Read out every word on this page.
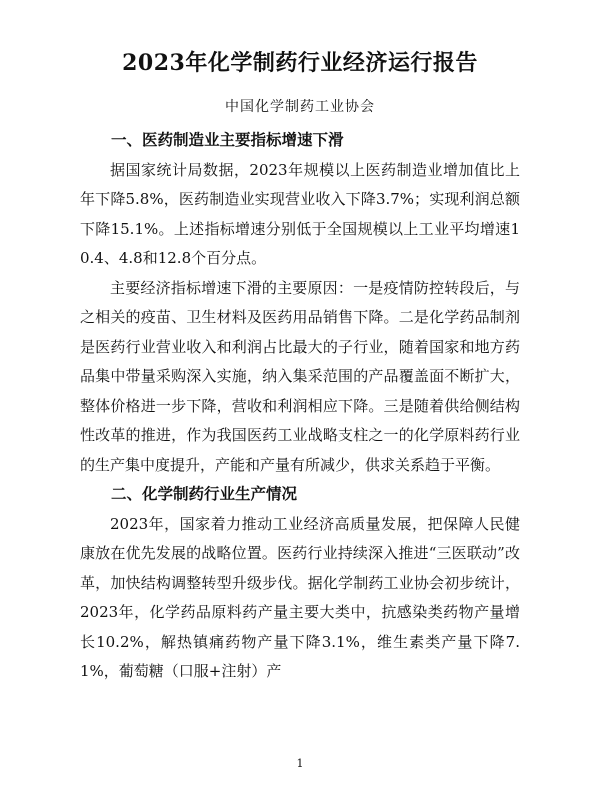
2023年化学制药行业经济运行报告
中国化学制药工业协会

一、医药制造业主要指标增速下滑

据国家统计局数据，2023年规模以上医药制造业增加值比上年下降5.8%，医药制造业实现营业收入下降3.7%；实现利润总额下降15.1%。上述指标增速分别低于全国规模以上工业平均增速10.4、4.8和12.8个百分点。

主要经济指标增速下滑的主要原因：一是疫情防控转段后，与之相关的疫苗、卫生材料及医药用品销售下降。二是化学药品制剂是医药行业营业收入和利润占比最大的子行业，随着国家和地方药品集中带量采购深入实施，纳入集采范围的产品覆盖面不断扩大，整体价格进一步下降，营收和利润相应下降。三是随着供给侧结构性改革的推进，作为我国医药工业战略支柱之一的化学原料药行业的生产集中度提升，产能和产量有所减少，供求关系趋于平衡。

二、化学制药行业生产情况

2023年，国家着力推动工业经济高质量发展，把保障人民健康放在优先发展的战略位置。医药行业持续深入推进“三医联动”改革，加快结构调整转型升级步伐。据化学制药工业协会初步统计，2023年，化学药品原料药产量主要大类中，抗感染类药物产量增长10.2%，解热镇痛药物产量下降3.1%，维生素类产量下降7.1%，葡萄糖（口服+注射）产

1
